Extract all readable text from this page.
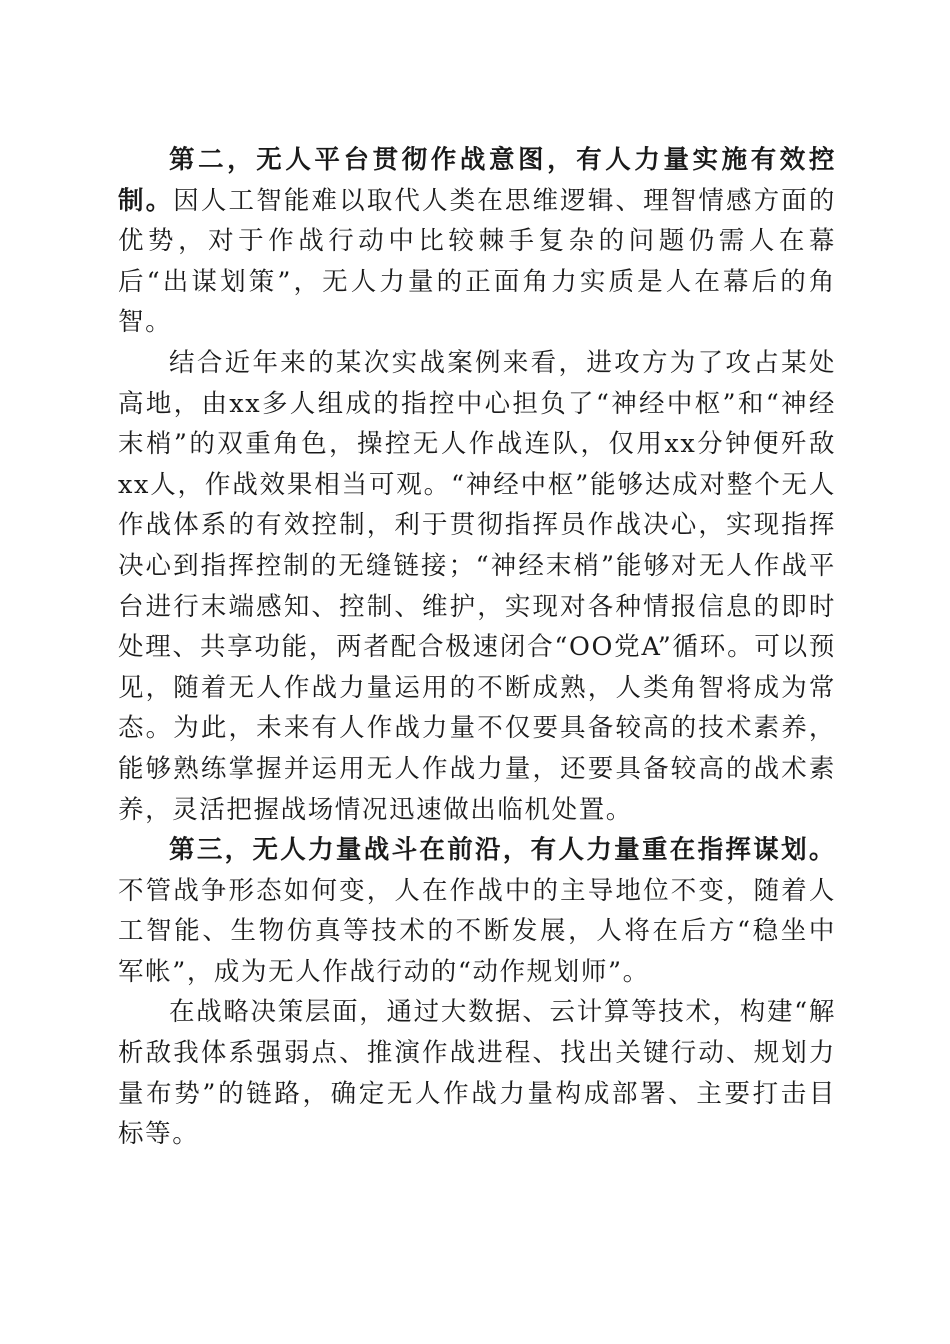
第二，无人平台贯彻作战意图，有人力量实施有效控制。因人工智能难以取代人类在思维逻辑、理智情感方面的优势，对于作战行动中比较棘手复杂的问题仍需人在幕后“出谋划策”，无人力量的正面角力实质是人在幕后的角智。

结合近年来的某次实战案例来看，进攻方为了攻占某处高地，由xx多人组成的指控中心担负了“神经中枢”和“神经末梢”的双重角色，操控无人作战连队，仅用xx分钟便歼敌xx人，作战效果相当可观。“神经中枢”能够达成对整个无人作战体系的有效控制，利于贯彻指挥员作战决心，实现指挥决心到指挥控制的无缝链接；“神经末梢”能够对无人作战平台进行末端感知、控制、维护，实现对各种情报信息的即时处理、共享功能，两者配合极速闭合“OO党A”循环。可以预见，随着无人作战力量运用的不断成熟，人类角智将成为常态。为此，未来有人作战力量不仅要具备较高的技术素养，能够熟练掌握并运用无人作战力量，还要具备较高的战术素养，灵活把握战场情况迅速做出临机处置。

第三，无人力量战斗在前沿，有人力量重在指挥谋划。不管战争形态如何变，人在作战中的主导地位不变，随着人工智能、生物仿真等技术的不断发展，人将在后方“稳坐中军帐”，成为无人作战行动的“动作规划师”。

在战略决策层面，通过大数据、云计算等技术，构建“解析敌我体系强弱点、推演作战进程、找出关键行动、规划力量布势”的链路，确定无人作战力量构成部署、主要打击目标等。
